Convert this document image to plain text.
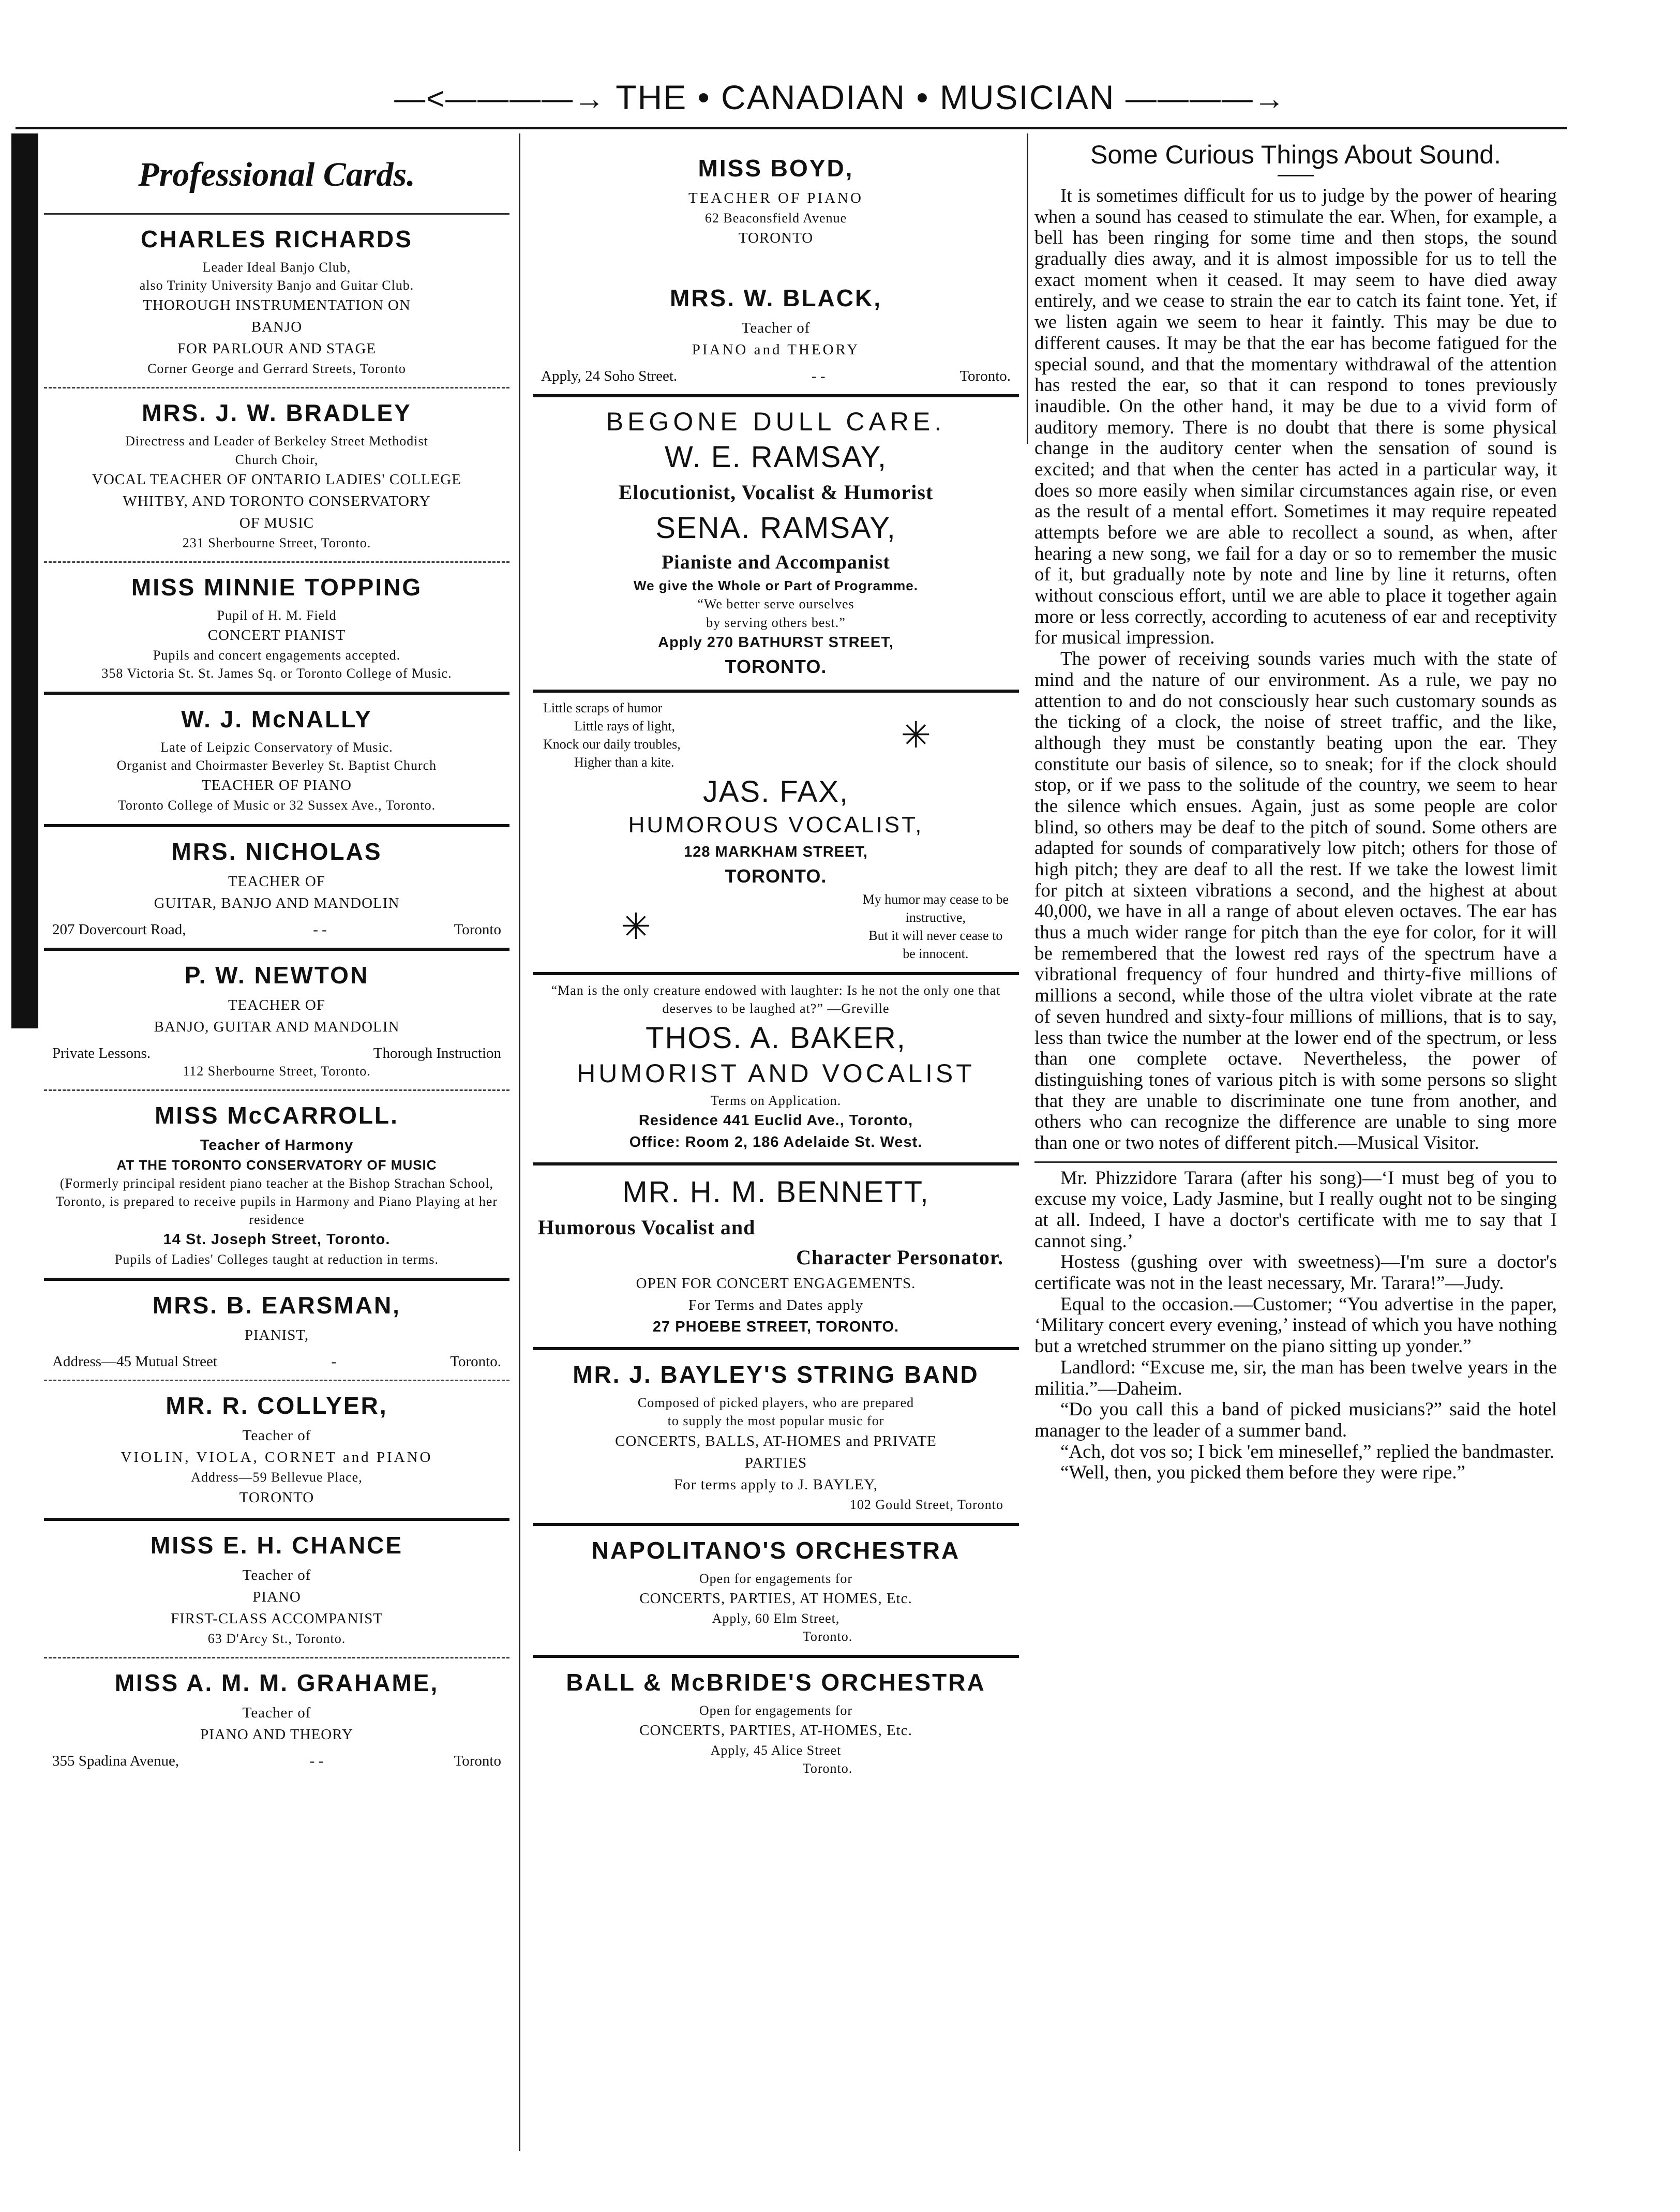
—<————→ THE • CANADIAN • MUSICIAN ————→
Professional Cards.
CHARLES RICHARDS
Leader Ideal Banjo Club,
also Trinity University Banjo and Guitar Club.
THOROUGH INSTRUMENTATION ON
BANJO
FOR PARLOUR AND STAGE
Corner George and Gerrard Streets, Toronto
MRS. J. W. BRADLEY
Directress and Leader of Berkeley Street Methodist
Church Choir,
VOCAL TEACHER OF ONTARIO LADIES' COLLEGE
WHITBY, AND TORONTO CONSERVATORY
OF MUSIC
231 Sherbourne Street, Toronto.
MISS MINNIE TOPPING
Pupil of H. M. Field
CONCERT PIANIST
Pupils and concert engagements accepted.
358 Victoria St. St. James Sq. or Toronto College of Music.
W. J. McNALLY
Late of Leipzic Conservatory of Music.
Organist and Choirmaster Beverley St. Baptist Church
TEACHER OF PIANO
Toronto College of Music or 32 Sussex Ave., Toronto.
MRS. NICHOLAS
TEACHER OF
GUITAR, BANJO AND MANDOLIN
207 Dovercourt Road,	- -	Toronto
P. W. NEWTON
TEACHER OF
BANJO, GUITAR AND MANDOLIN
Private Lessons.	Thorough Instruction
112 Sherbourne Street, Toronto.
MISS McCARROLL.
Teacher of Harmony
AT THE TORONTO CONSERVATORY OF MUSIC
(Formerly principal resident piano teacher at the Bishop Strachan School, Toronto, is prepared to receive pupils in Harmony and Piano Playing at her residence
14 St. Joseph Street, Toronto.
Pupils of Ladies' Colleges taught at reduction in terms.
MRS. B. EARSMAN,
PIANIST,
Address—45 Mutual Street	-	Toronto.
MR. R. COLLYER,
Teacher of
VIOLIN, VIOLA, CORNET and PIANO
Address—59 Bellevue Place,
TORONTO
MISS E. H. CHANCE
Teacher of
PIANO
FIRST-CLASS ACCOMPANIST
63 D'Arcy St., Toronto.
MISS A. M. M. GRAHAME,
Teacher of
PIANO AND THEORY
355 Spadina Avenue,	- -	Toronto
MISS BOYD,
TEACHER OF PIANO
62 Beaconsfield Avenue
TORONTO
MRS. W. BLACK,
Teacher of
PIANO and THEORY
Apply, 24 Soho Street.	- -	Toronto.
BEGONE DULL CARE.
W. E. RAMSAY,
Elocutionist, Vocalist & Humorist
SENA. RAMSAY,
Pianiste and Accompanist
We give the Whole or Part of Programme.
“We better serve ourselves
by serving others best.”
Apply 270 BATHURST STREET,
TORONTO.
Little scraps of humor
Little rays of light,
Knock our daily troubles,
Higher than a kite.
✳
JAS. FAX,
HUMOROUS VOCALIST,
128 MARKHAM STREET,
TORONTO.
✳
My humor may cease to be
instructive,
But it will never cease to
be innocent.
“Man is the only creature endowed with laughter: Is he not the only one that deserves to be laughed at?” —Greville
THOS. A. BAKER,
HUMORIST AND VOCALIST
Terms on Application.
Residence 441 Euclid Ave., Toronto,
Office: Room 2, 186 Adelaide St. West.
MR. H. M. BENNETT,
Humorous Vocalist and
Character Personator.
OPEN FOR CONCERT ENGAGEMENTS.
For Terms and Dates apply
27 PHOEBE STREET, TORONTO.
MR. J. BAYLEY'S STRING BAND
Composed of picked players, who are prepared
to supply the most popular music for
CONCERTS, BALLS, AT-HOMES and PRIVATE
PARTIES
For terms apply to J. BAYLEY,
102 Gould Street, Toronto
NAPOLITANO'S ORCHESTRA
Open for engagements for
CONCERTS, PARTIES, AT HOMES, Etc.
Apply, 60 Elm Street,
Toronto.
BALL & McBRIDE'S ORCHESTRA
Open for engagements for
CONCERTS, PARTIES, AT-HOMES, Etc.
Apply, 45 Alice Street
Toronto.
Some Curious Things About Sound.

It is sometimes difficult for us to judge by the power of hearing when a sound has ceased to stimulate the ear. When, for example, a bell has been ringing for some time and then stops, the sound gradually dies away, and it is almost impossible for us to tell the exact moment when it ceased. It may seem to have died away entirely, and we cease to strain the ear to catch its faint tone. Yet, if we listen again we seem to hear it faintly. This may be due to different causes. It may be that the ear has become fatigued for the special sound, and that the momentary withdrawal of the attention has rested the ear, so that it can respond to tones previously inaudible. On the other hand, it may be due to a vivid form of auditory memory. There is no doubt that there is some physical change in the auditory center when the sensation of sound is excited; and that when the center has acted in a particular way, it does so more easily when similar circumstances again rise, or even as the result of a mental effort. Sometimes it may require repeated attempts before we are able to recollect a sound, as when, after hearing a new song, we fail for a day or so to remember the music of it, but gradually note by note and line by line it returns, often without conscious effort, until we are able to place it together again more or less correctly, according to acuteness of ear and receptivity for musical impression.

The power of receiving sounds varies much with the state of mind and the nature of our environment. As a rule, we pay no attention to and do not consciously hear such customary sounds as the ticking of a clock, the noise of street traffic, and the like, although they must be constantly beating upon the ear. They constitute our basis of silence, so to sneak; for if the clock should stop, or if we pass to the solitude of the country, we seem to hear the silence which ensues. Again, just as some people are color blind, so others may be deaf to the pitch of sound. Some others are adapted for sounds of comparatively low pitch; others for those of high pitch; they are deaf to all the rest. If we take the lowest limit for pitch at sixteen vibrations a second, and the highest at about 40,000, we have in all a range of about eleven octaves. The ear has thus a much wider range for pitch than the eye for color, for it will be remembered that the lowest red rays of the spectrum have a vibrational frequency of four hundred and thirty-five millions of millions a second, while those of the ultra violet vibrate at the rate of seven hundred and sixty-four millions of millions, that is to say, less than twice the number at the lower end of the spectrum, or less than one complete octave. Nevertheless, the power of distinguishing tones of various pitch is with some persons so slight that they are unable to discriminate one tune from another, and others who can recognize the difference are unable to sing more than one or two notes of different pitch.—Musical Visitor.

Mr. Phizzidore Tarara (after his song)—‘I must beg of you to excuse my voice, Lady Jasmine, but I really ought not to be singing at all. Indeed, I have a doctor's certificate with me to say that I cannot sing.’

Hostess (gushing over with sweetness)—I'm sure a doctor's certificate was not in the least necessary, Mr. Tarara!”—Judy.

Equal to the occasion.—Customer; “You advertise in the paper, ‘Military concert every evening,’ instead of which you have nothing but a wretched strummer on the piano sitting up yonder.”

Landlord: “Excuse me, sir, the man has been twelve years in the militia.”—Daheim.

“Do you call this a band of picked musicians?” said the hotel manager to the leader of a summer band.

“Ach, dot vos so; I bick 'em minesellef,” replied the bandmaster.

“Well, then, you picked them before they were ripe.”
